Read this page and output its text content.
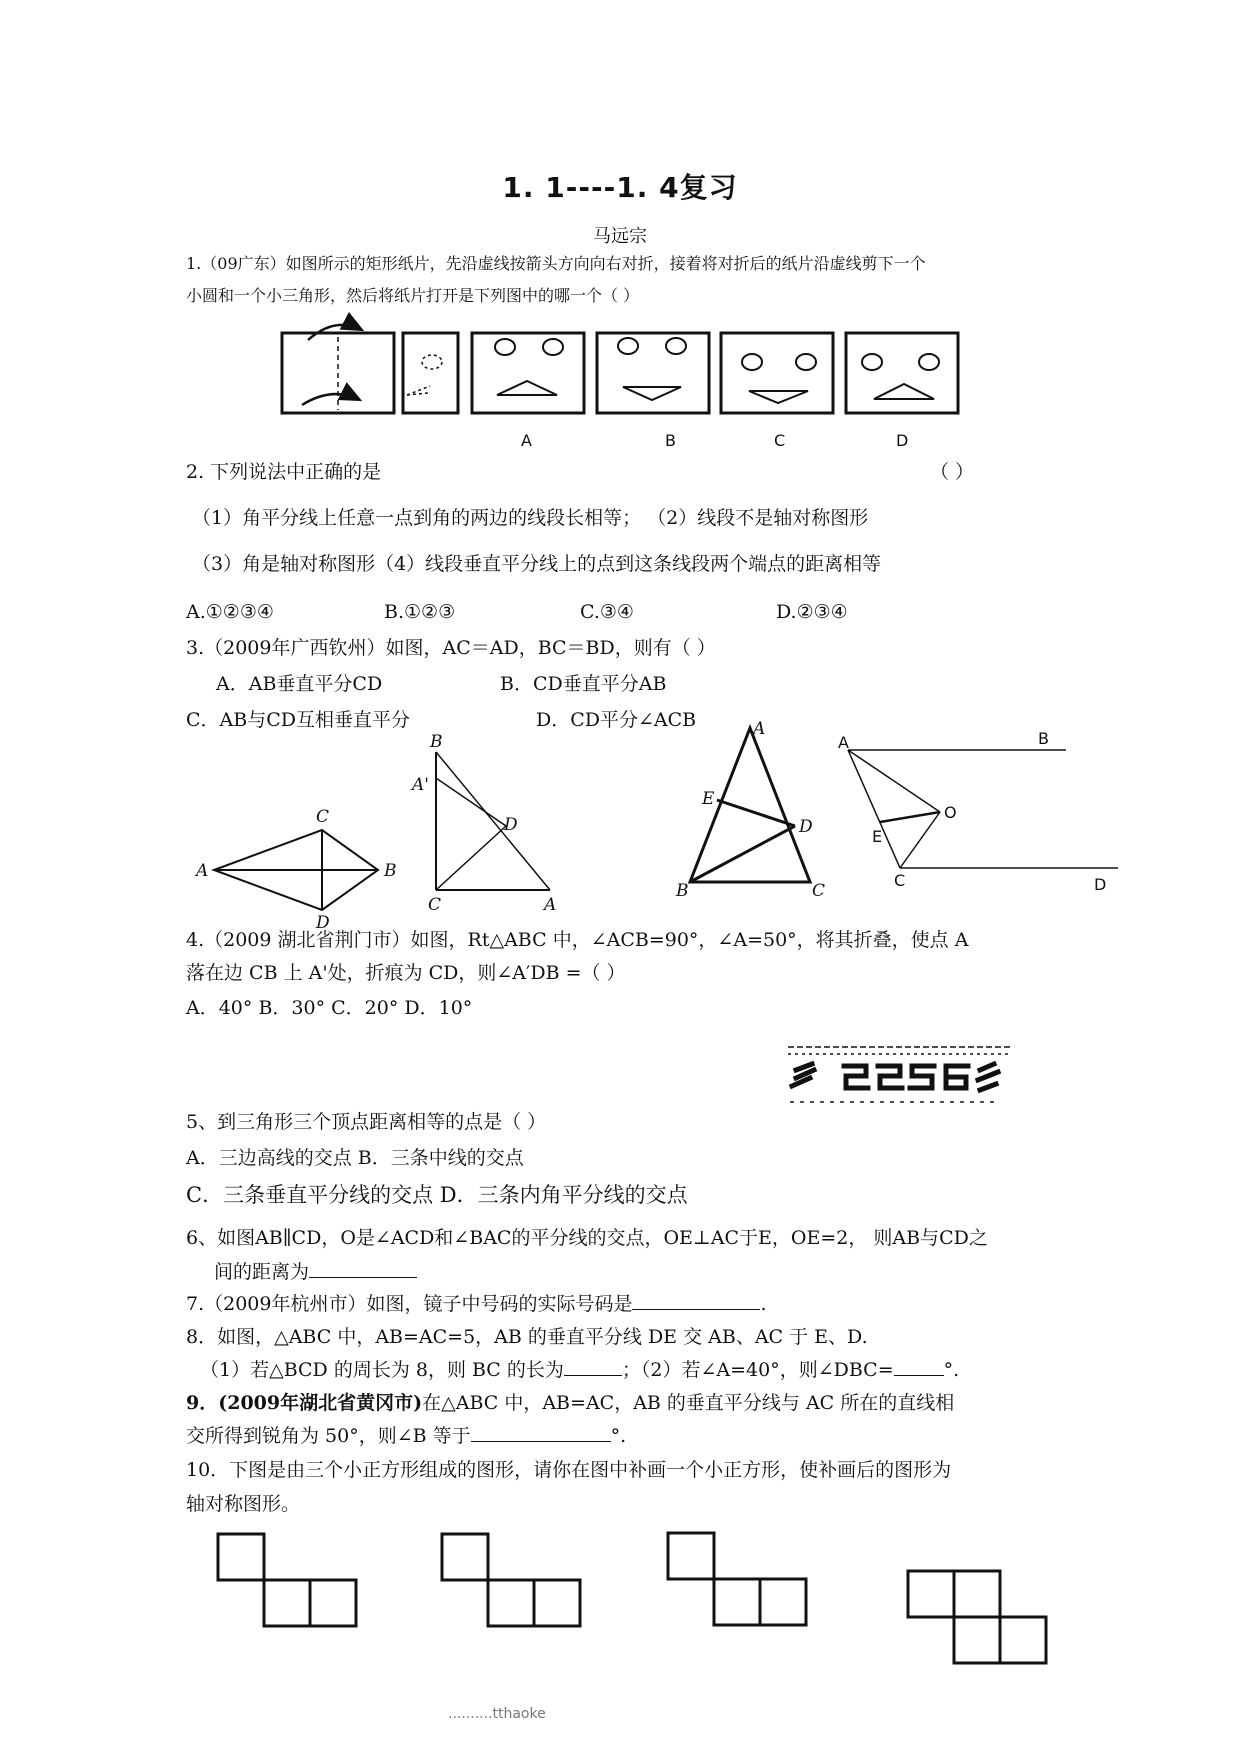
1. 1----1. 4复习
马远宗
1.（09广东）如图所示的矩形纸片，先沿虚线按箭头方向向右对折，接着将对折后的纸片沿虚线剪下一个
小圆和一个小三角形，然后将纸片打开是下列图中的哪一个（ ）
A	B	C	D
2. 下列说法中正确的是	（ ）
（1）角平分线上任意一点到角的两边的线段长相等； （2）线段不是轴对称图形
（3）角是轴对称图形（4）线段垂直平分线上的点到这条线段两个端点的距离相等
A.①②③④	B.①②③	C.③④	D.②③④
3.（2009年广西钦州）如图，AC＝AD，BC＝BD，则有（ ）
A．AB垂直平分CD	B．CD垂直平分AB
C．AB与CD互相垂直平分	D．CD平分∠ACB
A	B
C
D
B
A'
D
C	A
A
E
D
B	C
A	B
O
E
C	D
4.（2009 湖北省荆门市）如图，Rt△ABC 中，∠ACB=90°，∠A=50°，将其折叠，使点 A
落在边 CB 上 A'处，折痕为 CD，则∠A′DB =（ ）
A．40° B．30° C．20° D．10°
5、到三角形三个顶点距离相等的点是（ ）
A．三边高线的交点 B．三条中线的交点
C．三条垂直平分线的交点 D．三条内角平分线的交点
6、如图AB∥CD，O是∠ACD和∠BAC的平分线的交点，OE⊥AC于E，OE=2， 则AB与CD之
间的距离为
7.（2009年杭州市）如图，镜子中号码的实际号码是	.
8．如图，△ABC 中，AB=AC=5，AB 的垂直平分线 DE 交 AB、AC 于 E、D.
（1）若△BCD 的周长为 8，则 BC 的长为	；（2）若∠A=40°，则∠DBC=	°.
9．(2009年湖北省黄冈市)在△ABC 中，AB=AC，AB 的垂直平分线与 AC 所在的直线相
交所得到锐角为 50°，则∠B 等于	°.
10．下图是由三个小正方形组成的图形，请你在图中补画一个小正方形，使补画后的图形为
轴对称图形。
..........tthaoke
